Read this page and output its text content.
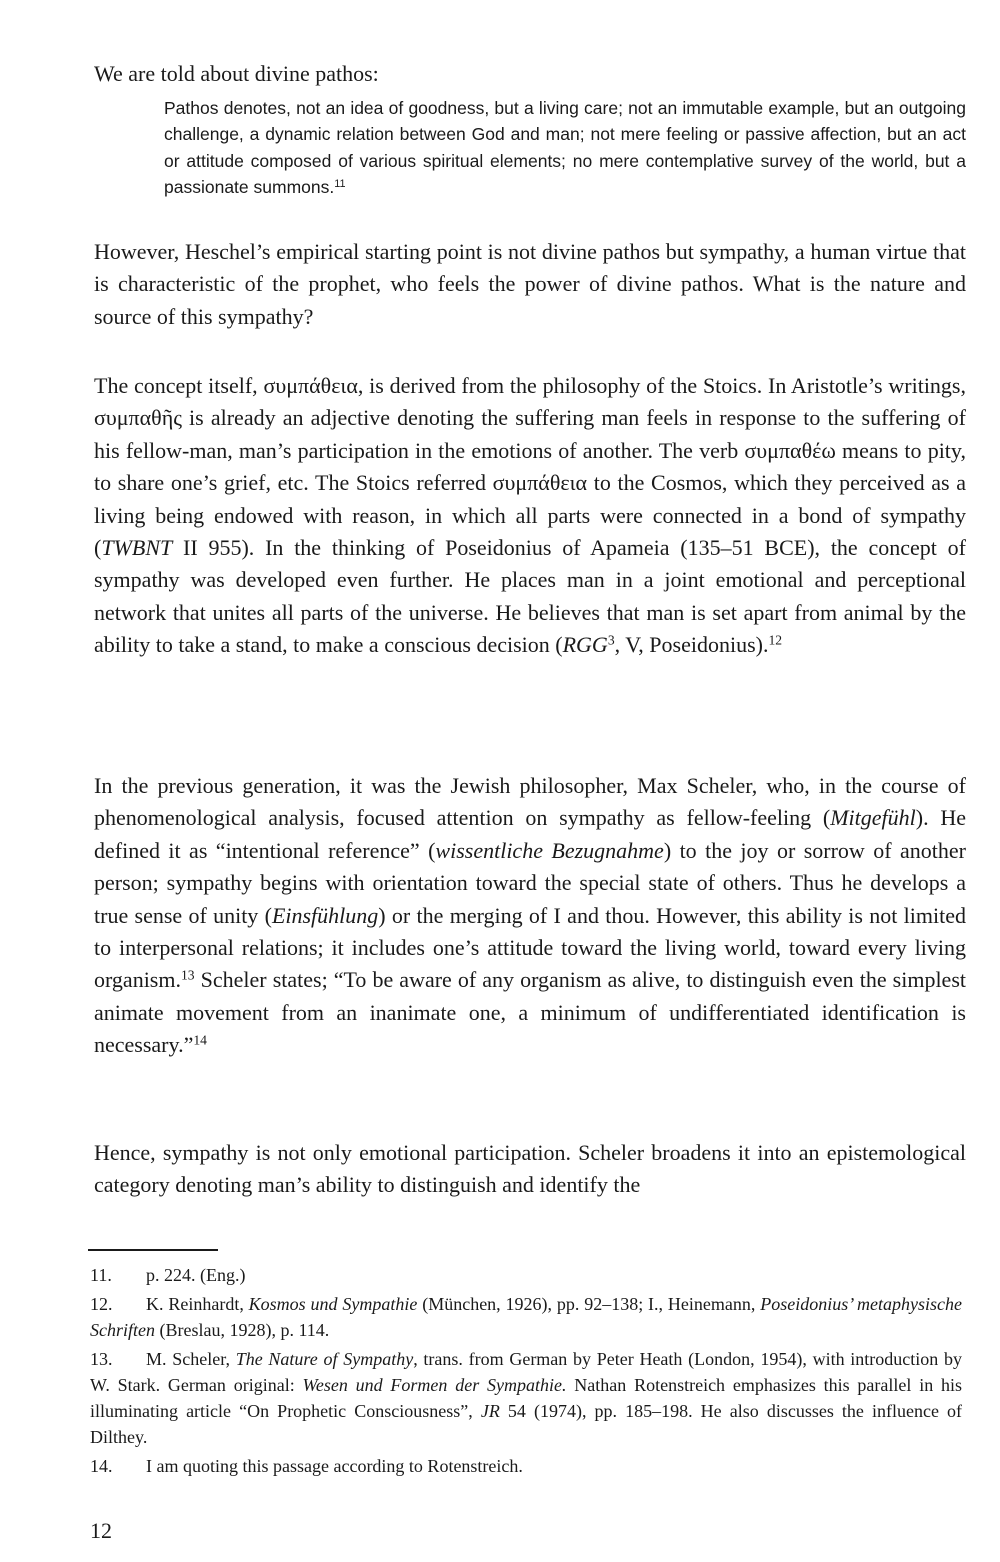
We are told about divine pathos:

Pathos denotes, not an idea of goodness, but a living care; not an immutable example, but an outgoing challenge, a dynamic relation between God and man; not mere feeling or passive affection, but an act or attitude composed of various spiritual elements; no mere contemplative survey of the world, but a passionate summons.$^{11}$

However, Heschel’s empirical starting point is not divine pathos but sympathy, a human virtue that is characteristic of the prophet, who feels the power of divine pathos. What is the nature and source of this sympathy?

The concept itself, συμπάθεια, is derived from the philosophy of the Stoics. In Aristotle’s writings, συμπαθῆς is already an adjective denoting the suffering man feels in response to the suffering of his fellow-man, man’s participation in the emotions of another. The verb συμπαθέω means to pity, to share one’s grief, etc. The Stoics referred συμπάθεια to the Cosmos, which they perceived as a living being endowed with reason, in which all parts were connected in a bond of sympathy (TWBNT II 955). In the thinking of Poseidonius of Apameia (135–51 BCE), the concept of sympathy was developed even further. He places man in a joint emotional and perceptional network that unites all parts of the universe. He believes that man is set apart from animal by the ability to take a stand, to make a conscious decision (RGG$^3$, V, Poseidonius).$^{12}$

In the previous generation, it was the Jewish philosopher, Max Scheler, who, in the course of phenomenological analysis, focused attention on sympathy as fellow-feeling (Mitgefühl). He defined it as “intentional reference” (wissentliche Bezugnahme) to the joy or sorrow of another person; sympathy begins with orientation toward the special state of others. Thus he develops a true sense of unity (Einsfühlung) or the merging of I and thou. However, this ability is not limited to interpersonal relations; it includes one’s attitude toward the living world, toward every living organism.$^{13}$ Scheler states; “To be aware of any organism as alive, to distinguish even the simplest animate movement from an inanimate one, a minimum of undifferentiated identification is necessary.”$^{14}$

Hence, sympathy is not only emotional participation. Scheler broadens it into an epistemological category denoting man’s ability to distinguish and identify the

11. p. 224. (Eng.)

12. K. Reinhardt, Kosmos und Sympathie (München, 1926), pp. 92–138; I., Heinemann, Poseidonius’ metaphysische Schriften (Breslau, 1928), p. 114.

13. M. Scheler, The Nature of Sympathy, trans. from German by Peter Heath (London, 1954), with introduction by W. Stark. German original: Wesen und Formen der Sympathie. Nathan Rotenstreich emphasizes this parallel in his illuminating article “On Prophetic Consciousness”, JR 54 (1974), pp. 185–198. He also discusses the influence of Dilthey.

14. I am quoting this passage according to Rotenstreich.

12
